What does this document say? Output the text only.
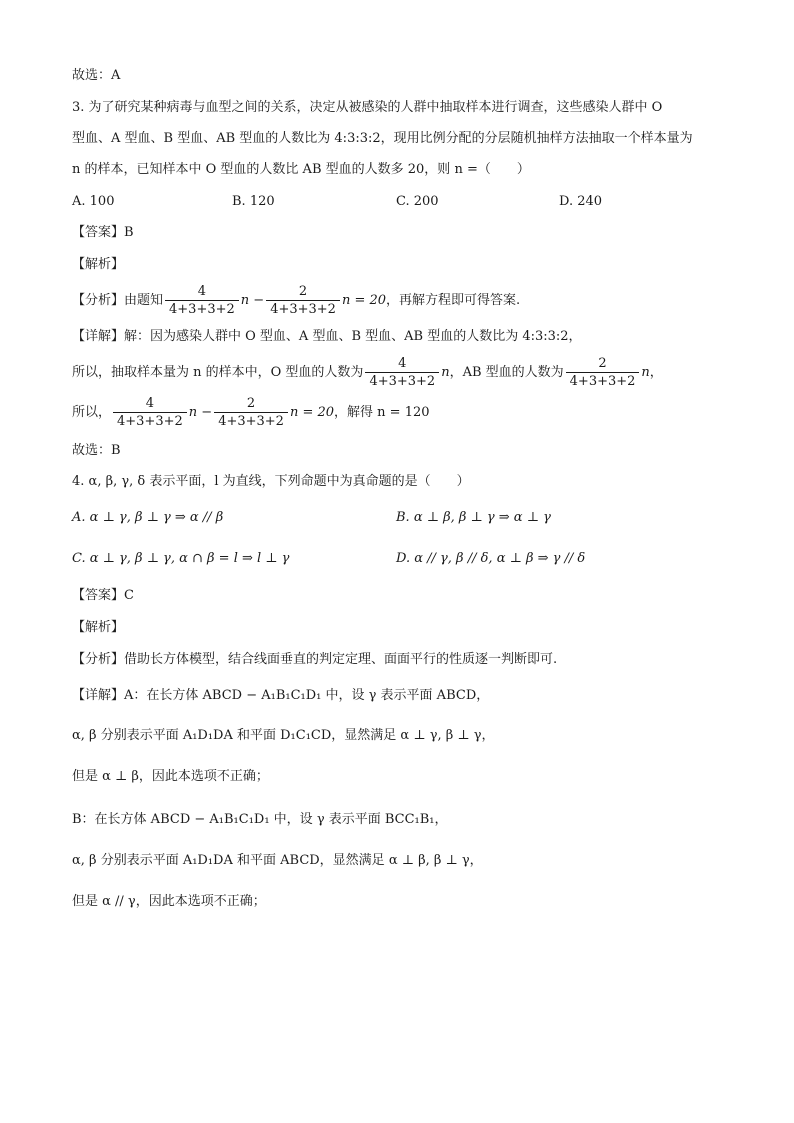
故选：A
3. 为了研究某种病毒与血型之间的关系，决定从被感染的人群中抽取样本进行调查，这些感染人群中 O
型血、A 型血、B 型血、AB 型血的人数比为 4:3:3:2，现用比例分配的分层随机抽样方法抽取一个样本量为
n 的样本，已知样本中 O 型血的人数比 AB 型血的人数多 20，则 n =（　　）
A. 100	B. 120	C. 200	D. 240
【答案】B
【解析】
【分析】由题知 $\frac{4}{4+3+3+2}$ $n - \frac{2}{4+3+3+2}$ n = 20，再解方程即可得答案.
【详解】解：因为感染人群中 O 型血、A 型血、B 型血、AB 型血的人数比为 4:3:3:2，
所以，抽取样本量为 n 的样本中，O 型血的人数为 $\frac{4}{4+3+3+2}$ n，AB 型血的人数为 $\frac{2}{4+3+3+2}$ n，
所以， $\frac{4}{4+3+3+2}$ $n - \frac{2}{4+3+3+2}$ n = 20，解得 n = 120
故选：B
4. α, β, γ, δ 表示平面，l 为直线，下列命题中为真命题的是（　　）
A. α ⊥ γ, β ⊥ γ ⇒ α // β	B. α ⊥ β, β ⊥ γ ⇒ α ⊥ γ
C. α ⊥ γ, β ⊥ γ, α ∩ β = l ⇒ l ⊥ γ	D. α // γ, β // δ, α ⊥ β ⇒ γ // δ
【答案】C
【解析】
【分析】借助长方体模型，结合线面垂直的判定定理、面面平行的性质逐一判断即可.
【详解】A：在长方体 ABCD − A₁B₁C₁D₁ 中，设 γ 表示平面 ABCD，
α, β 分别表示平面 A₁D₁DA 和平面 D₁C₁CD，显然满足 α ⊥ γ, β ⊥ γ，
但是 α ⊥ β，因此本选项不正确；
B：在长方体 ABCD − A₁B₁C₁D₁ 中，设 γ 表示平面 BCC₁B₁，
α, β 分别表示平面 A₁D₁DA 和平面 ABCD，显然满足 α ⊥ β, β ⊥ γ，
但是 α // γ，因此本选项不正确；
